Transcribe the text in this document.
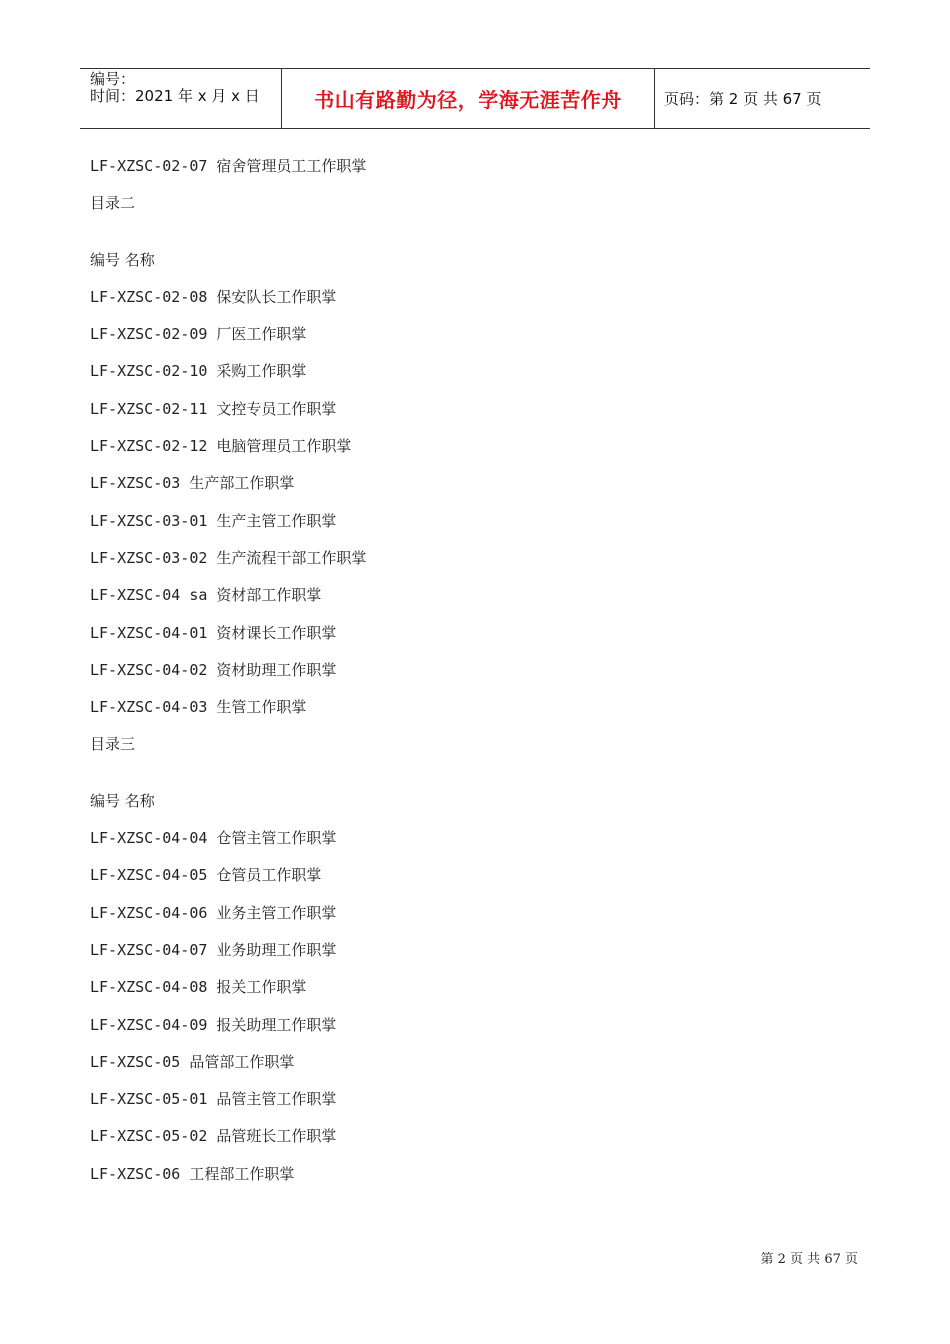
编号：
时间：2021 年 x 月 x 日	书山有路勤为径，学海无涯苦作舟	页码：第 2 页 共 67 页
LF-XZSC-02-07 宿舍管理员工工作职掌
目录二
编号 名称
LF-XZSC-02-08 保安队长工作职掌
LF-XZSC-02-09 厂医工作职掌
LF-XZSC-02-10 采购工作职掌
LF-XZSC-02-11 文控专员工作职掌
LF-XZSC-02-12 电脑管理员工作职掌
LF-XZSC-03 生产部工作职掌
LF-XZSC-03-01 生产主管工作职掌
LF-XZSC-03-02 生产流程干部工作职掌
LF-XZSC-04 sa 资材部工作职掌
LF-XZSC-04-01 资材课长工作职掌
LF-XZSC-04-02 资材助理工作职掌
LF-XZSC-04-03 生管工作职掌
目录三
编号 名称
LF-XZSC-04-04 仓管主管工作职掌
LF-XZSC-04-05 仓管员工作职掌
LF-XZSC-04-06 业务主管工作职掌
LF-XZSC-04-07 业务助理工作职掌
LF-XZSC-04-08 报关工作职掌
LF-XZSC-04-09 报关助理工作职掌
LF-XZSC-05 品管部工作职掌
LF-XZSC-05-01 品管主管工作职掌
LF-XZSC-05-02 品管班长工作职掌
LF-XZSC-06 工程部工作职掌
第 2 页 共 67 页
